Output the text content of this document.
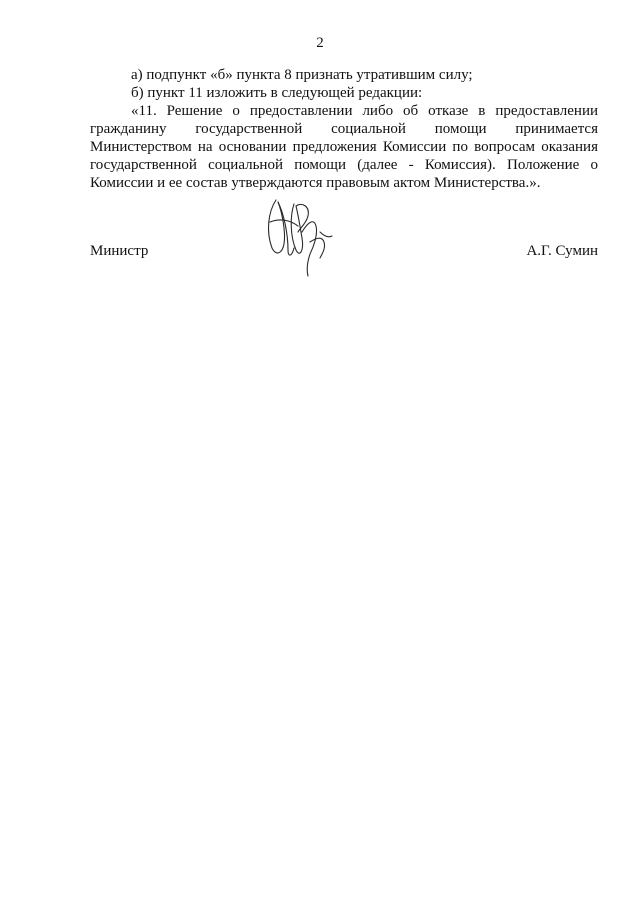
2

а) подпункт «б» пункта 8 признать утратившим силу;

б) пункт 11 изложить в следующей редакции:

«11. Решение о предоставлении либо об отказе в предоставлении гражданину государственной социальной помощи принимается Министерством на основании предложения Комиссии по вопросам оказания государственной социальной помощи (далее - Комиссия). Положение о Комиссии и ее состав утверждаются правовым актом Министерства.».

Министр	А.Г. Сумин
